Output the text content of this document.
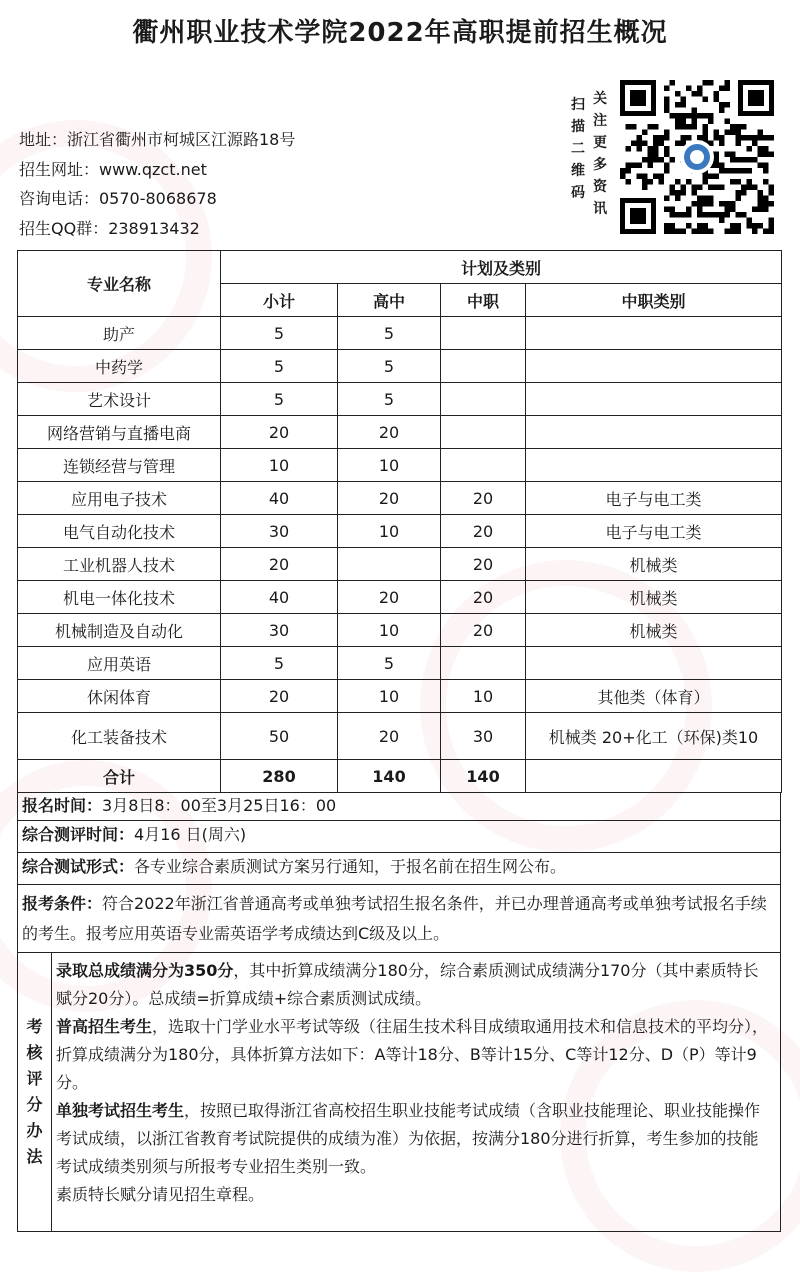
衢州职业技术学院2022年高职提前招生概况
地址：浙江省衢州市柯城区江源路18号
招生网址：www.qzct.net
咨询电话：0570-8068678
招生QQ群：238913432
扫描二维码
关注更多资讯
专业名称	计划及类别			
	小计	高中	中职	中职类别
助产	5	5		
中药学	5	5		
艺术设计	5	5		
网络营销与直播电商	20	20		
连锁经营与管理	10	10		
应用电子技术	40	20	20	电子与电工类
电气自动化技术	30	10	20	电子与电工类
工业机器人技术	20		20	机械类
机电一体化技术	40	20	20	机械类
机械制造及自动化	30	10	20	机械类
应用英语	5	5		
休闲体育	20	10	10	其他类（体育）
化工装备技术	50	20	30	机械类 20+化工（环保)类10
合计	280	140	140	
报名时间：3月8日8：00至3月25日16：00
综合测评时间：4月16 日(周六)
综合测试形式：各专业综合素质测试方案另行通知，于报名前在招生网公布。
报考条件：符合2022年浙江省普通高考或单独考试招生报名条件，并已办理普通高考或单独考试报名手续的考生。报考应用英语专业需英语学考成绩达到C级及以上。
考核评分办法

录取总成绩满分为350分，其中折算成绩满分180分，综合素质测试成绩满分170分（其中素质特长赋分20分）。总成绩=折算成绩+综合素质测试成绩。

普高招生考生，选取十门学业水平考试等级（往届生技术科目成绩取通用技术和信息技术的平均分），折算成绩满分为180分，具体折算方法如下：A等计18分、B等计15分、C等计12分、D（P）等计9分。

单独考试招生考生，按照已取得浙江省高校招生职业技能考试成绩（含职业技能理论、职业技能操作考试成绩，以浙江省教育考试院提供的成绩为准）为依据，按满分180分进行折算，考生参加的技能考试成绩类别须与所报考专业招生类别一致。

素质特长赋分请见招生章程。
